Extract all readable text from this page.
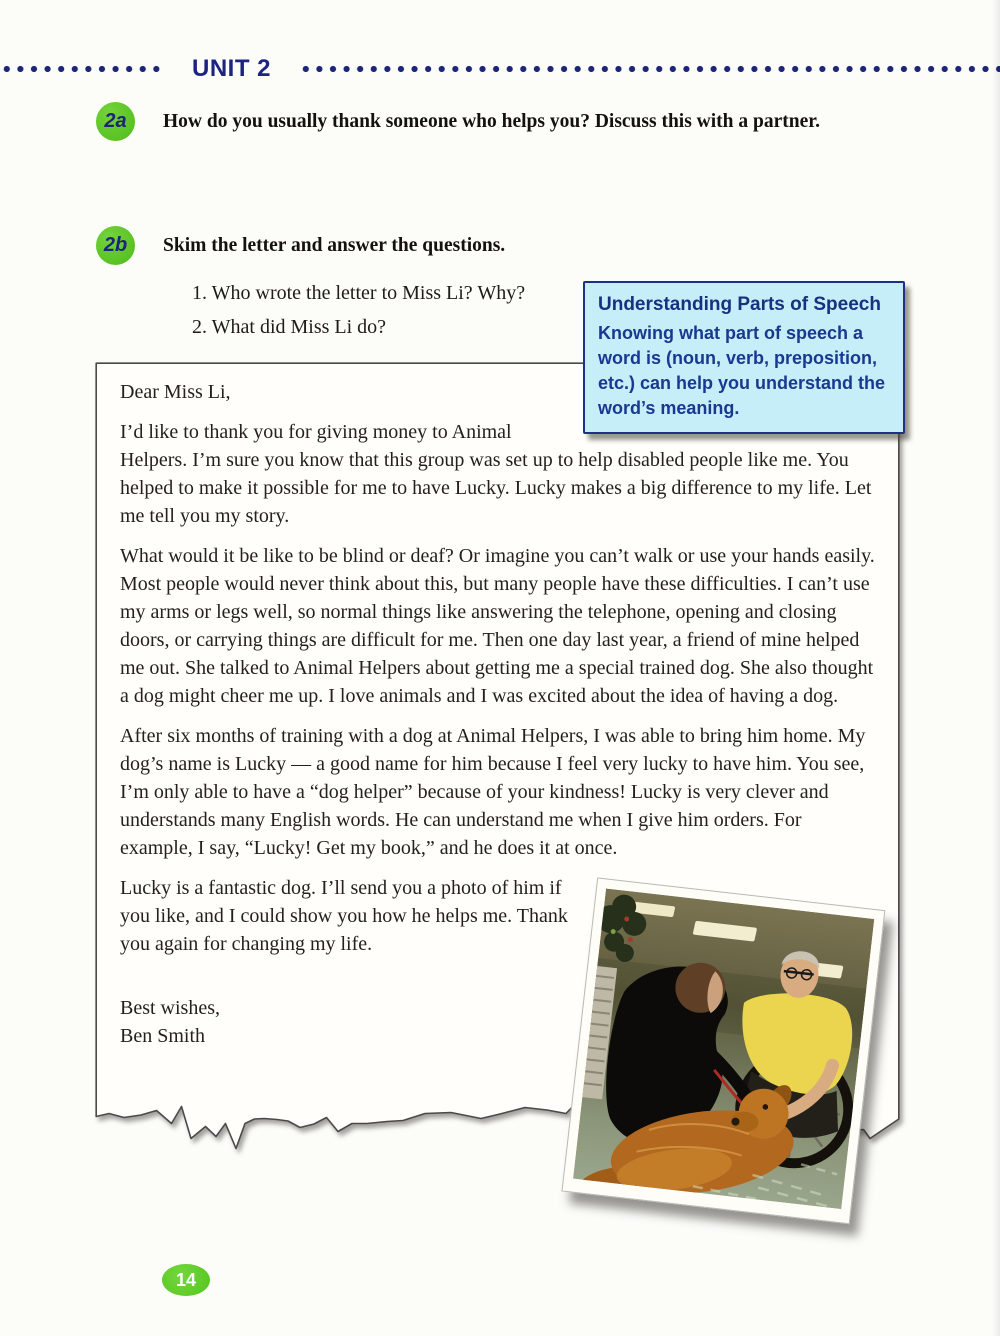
UNIT 2
2a	How do you usually thank someone who helps you? Discuss this with a partner.
2b	Skim the letter and answer the questions.
1. Who wrote the letter to Miss Li? Why?
2. What did Miss Li do?
Understanding Parts of Speech
Knowing what part of speech a word is (noun, verb, preposition, etc.) can help you understand the word’s meaning.

Dear Miss Li,

I’d like to thank you for giving money to Animal Helpers. I’m sure you know that this group was set up to help disabled people like me. You helped to make it possible for me to have Lucky. Lucky makes a big difference to my life. Let me tell you my story.

What would it be like to be blind or deaf? Or imagine you can’t walk or use your hands easily. Most people would never think about this, but many people have these difficulties. I can’t use my arms or legs well, so normal things like answering the telephone, opening and closing doors, or carrying things are difficult for me. Then one day last year, a friend of mine helped me out. She talked to Animal Helpers about getting me a special trained dog. She also thought a dog might cheer me up. I love animals and I was excited about the idea of having a dog.

After six months of training with a dog at Animal Helpers, I was able to bring him home. My dog’s name is Lucky — a good name for him because I feel very lucky to have him. You see, I’m only able to have a “dog helper” because of your kindness! Lucky is very clever and understands many English words. He can understand me when I give him orders. For example, I say, “Lucky! Get my book,” and he does it at once.

Lucky is a fantastic dog. I’ll send you a photo of him if you like, and I could show you how he helps me. Thank you again for changing my life.

Best wishes,

Ben Smith

14
